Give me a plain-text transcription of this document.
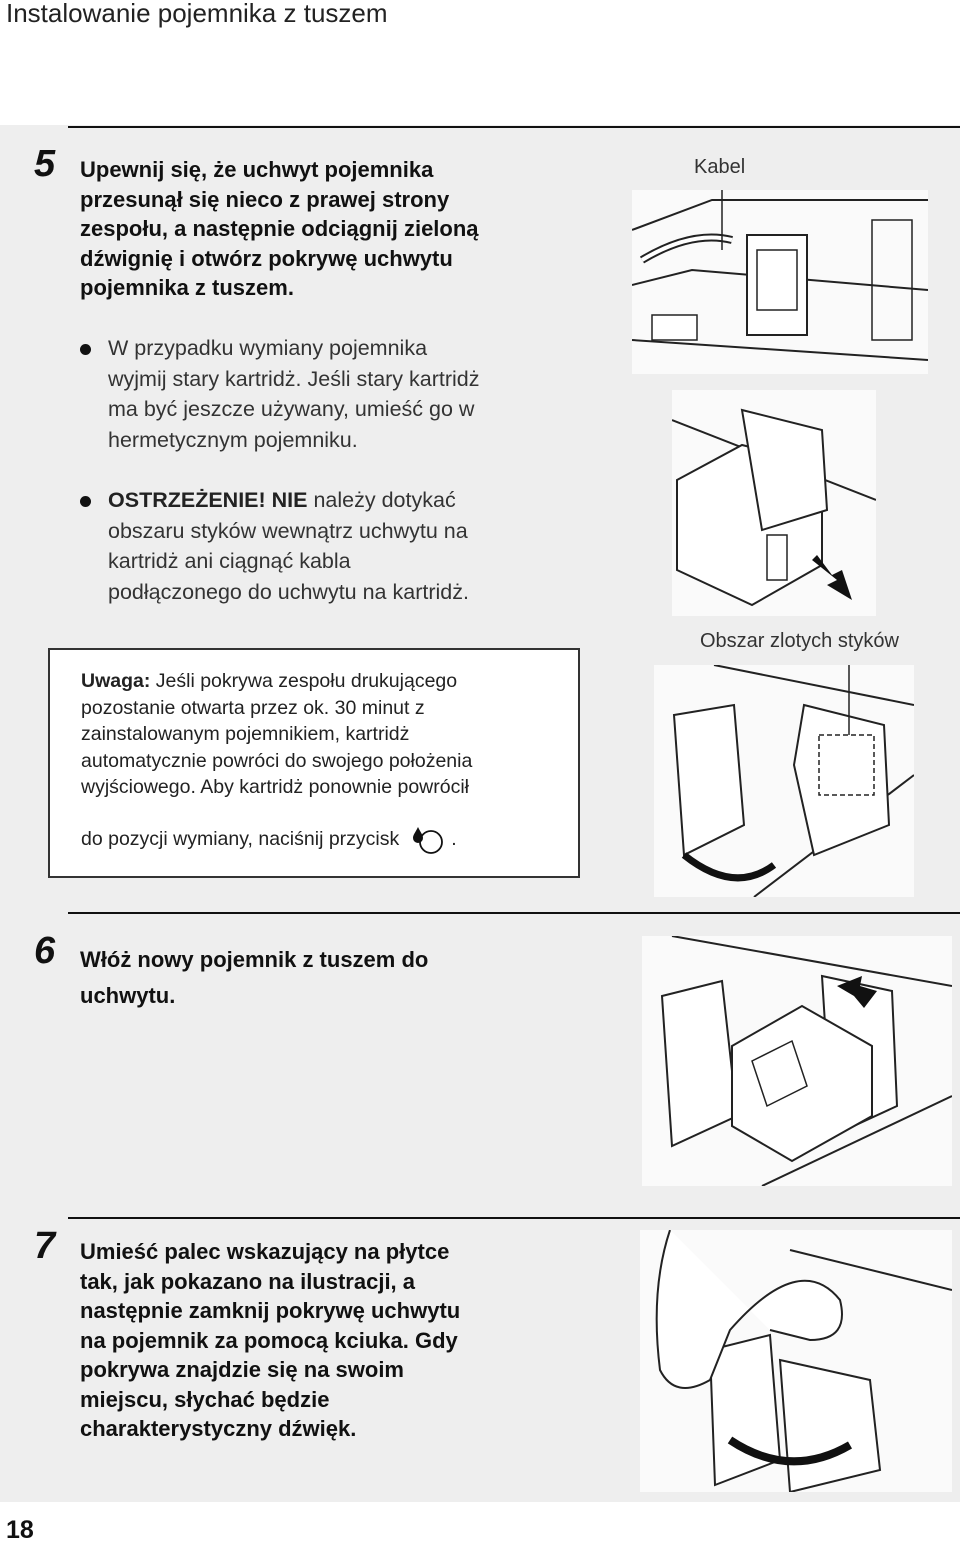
Instalowanie pojemnika z tuszem
5 Upewnij się, że uchwyt pojemnika
przesunął się nieco z prawej strony
zespołu, a następnie odciągnij zieloną
dźwignię i otwórz pokrywę uchwytu
pojemnika z tuszem.
W przypadku wymiany pojemnika
wyjmij stary kartridż. Jeśli stary kartridż
ma być jeszcze używany, umieść go w
hermetycznym pojemniku.
OSTRZEŻENIE! NIE należy dotykać
obszaru styków wewnątrz uchwytu na
kartridż ani ciągnąć kabla
podłączonego do uchwytu na kartridż.
Kabel
Obszar zlotych styków
Uwaga: Jeśli pokrywa zespołu drukującego
pozostanie otwarta przez ok. 30 minut z
zainstalowanym pojemnikiem, kartridż
automatycznie powróci do swojego położenia
wyjściowego. Aby kartridż ponownie powrócił
do pozycji wymiany, naciśnij przycisk	.
6 Włóż nowy pojemnik z tuszem do
uchwytu.
7 Umieść palec wskazujący na płytce
tak, jak pokazano na ilustracji, a
następnie zamknij pokrywę uchwytu
na pojemnik za pomocą kciuka. Gdy
pokrywa znajdzie się na swoim
miejscu, słychać będzie
charakterystyczny dźwięk.
18
